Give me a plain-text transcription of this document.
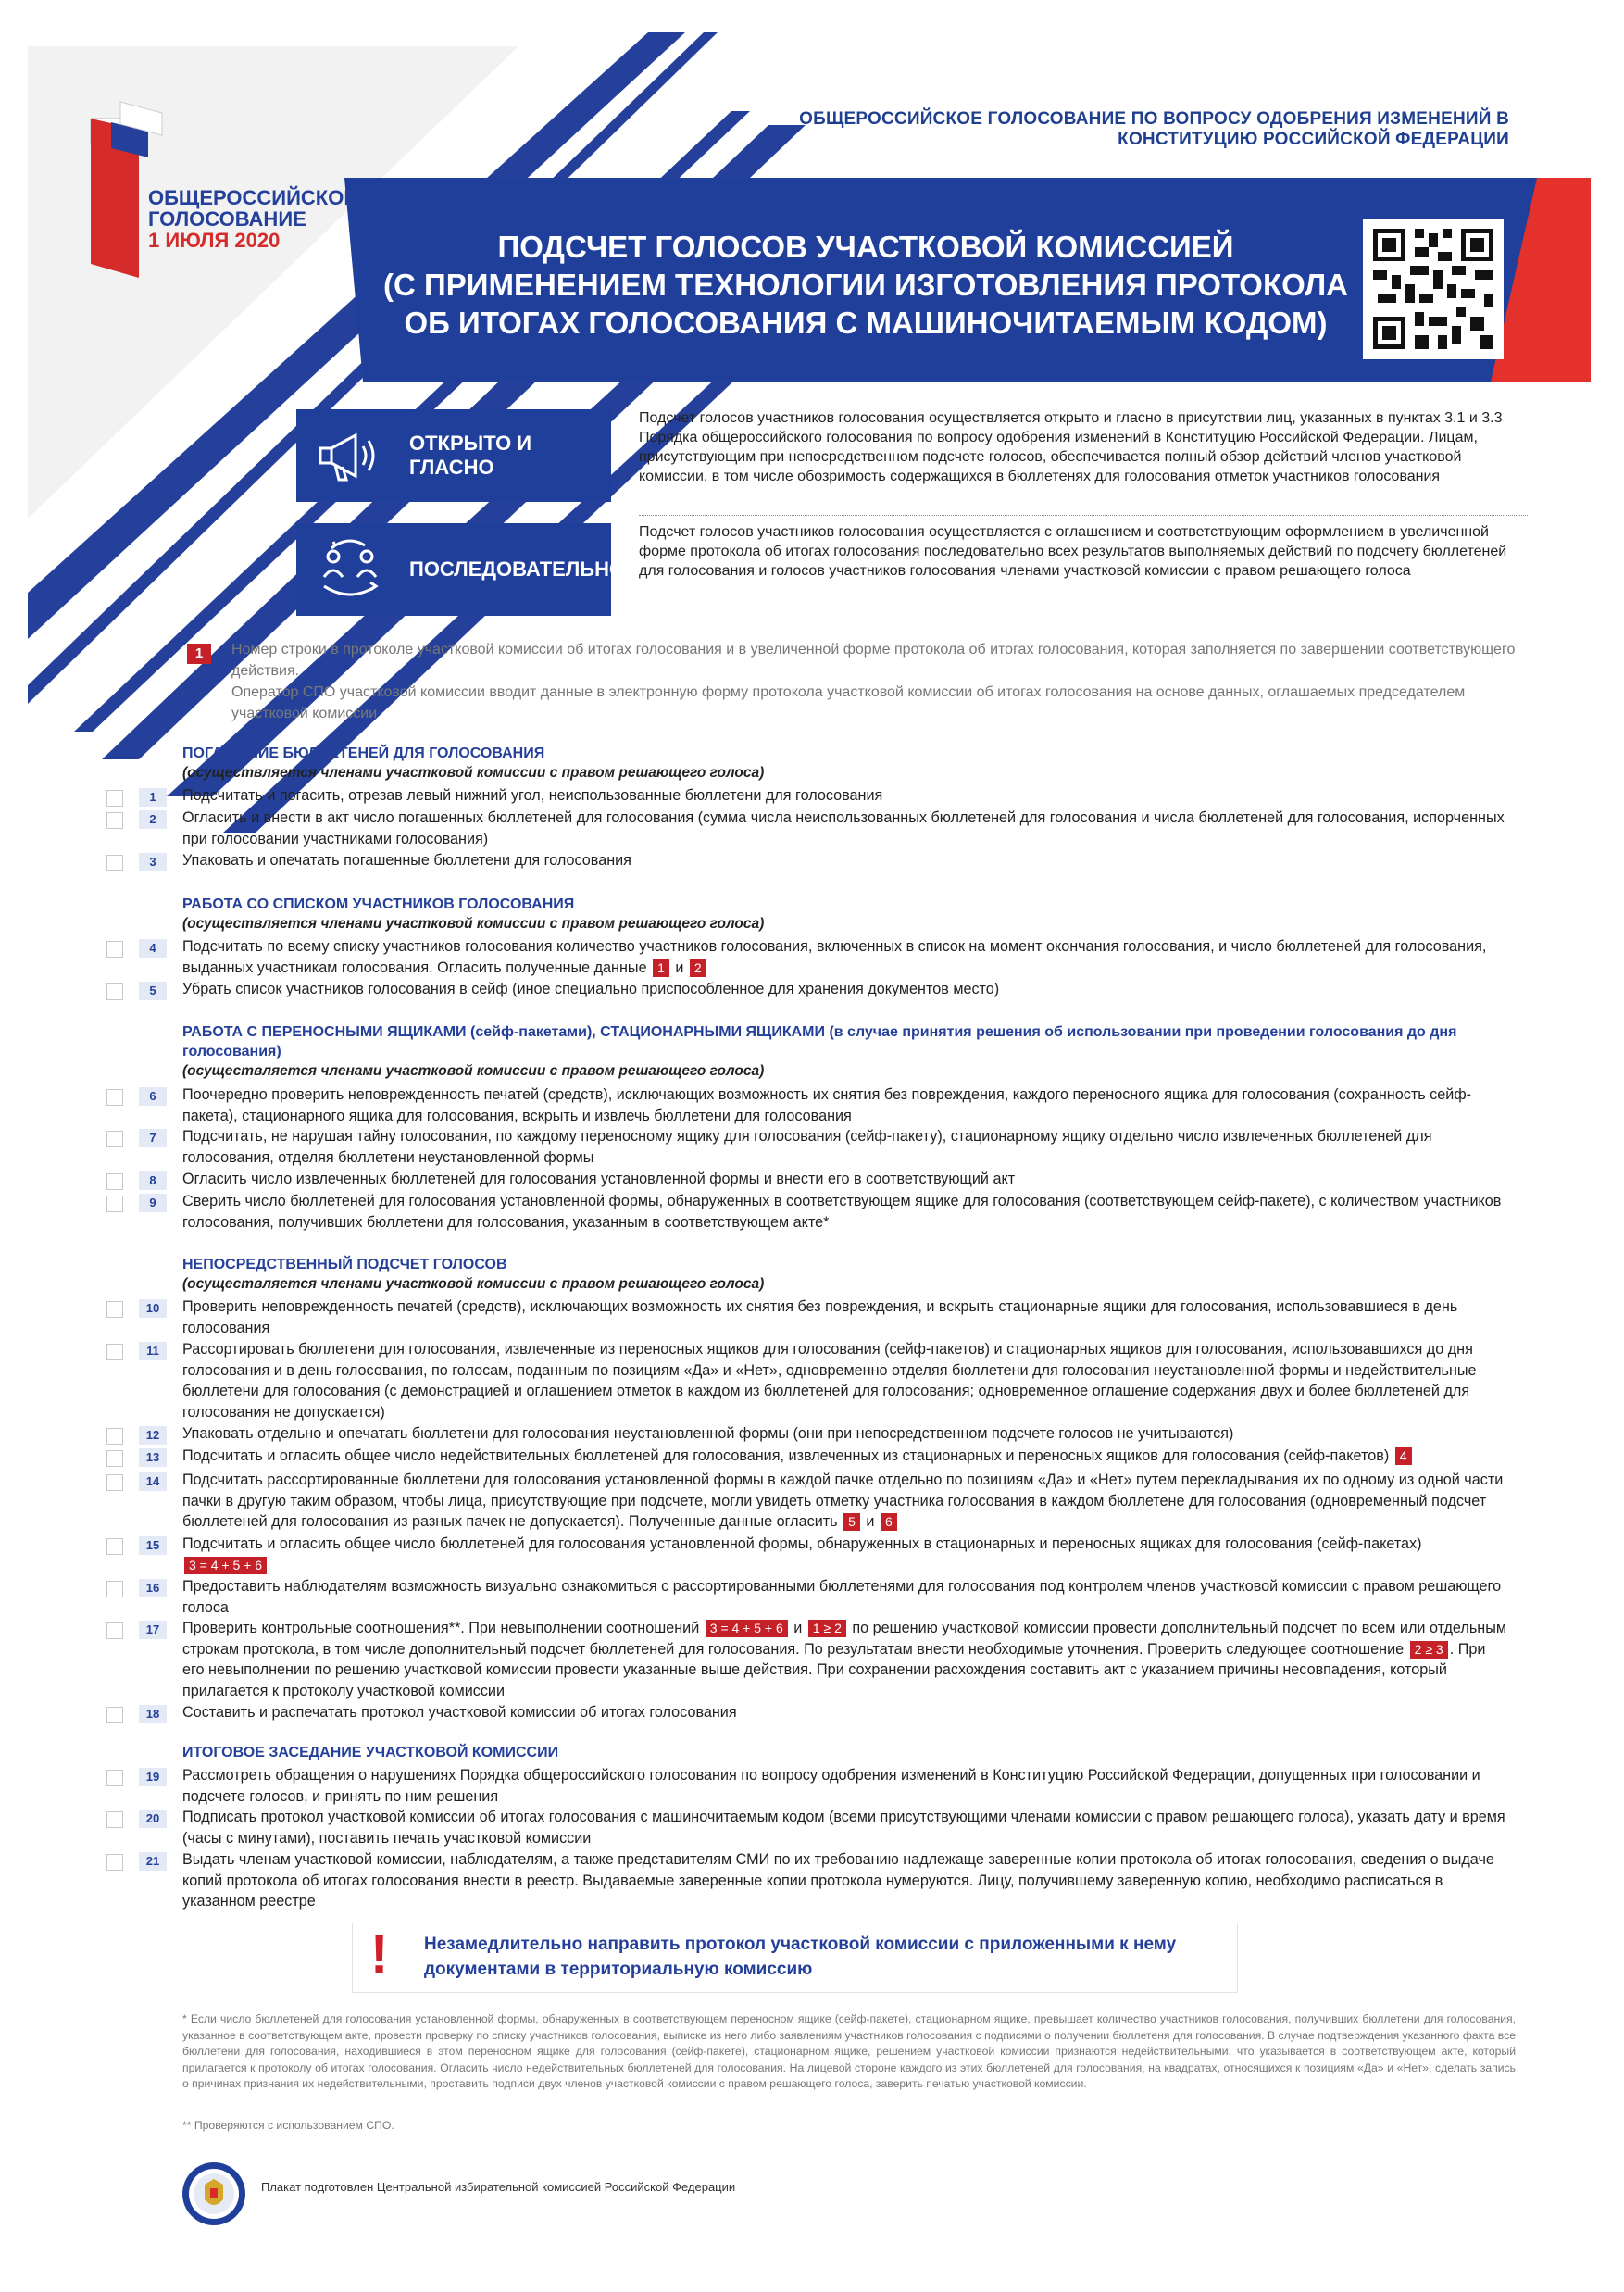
ОБЩЕРОССИЙСКОЕ ГОЛОСОВАНИЕ ПО ВОПРОСУ ОДОБРЕНИЯ ИЗМЕНЕНИЙ В КОНСТИТУЦИЮ РОССИЙСКОЙ ФЕДЕРАЦИИ
ОБЩЕРОССИЙСКОЕ
ГОЛОСОВАНИЕ
1 ИЮЛЯ 2020	ПОДСЧЕТ ГОЛОСОВ УЧАСТКОВОЙ КОМИССИЕЙ
(С ПРИМЕНЕНИЕМ ТЕХНОЛОГИИ ИЗГОТОВЛЕНИЯ ПРОТОКОЛА
ОБ ИТОГАХ ГОЛОСОВАНИЯ С МАШИНОЧИТАЕМЫМ КОДОМ)
ОТКРЫТО И ГЛАСНО
Подсчет голосов участников голосования осуществляется открыто и гласно в присутствии лиц, указанных в пунктах 3.1 и 3.3 Порядка общероссийского голосования по вопросу одобрения изменений в Конституцию Российской Федерации. Лицам, присутствующим при непосредственном подсчете голосов, обеспечивается полный обзор действий членов участковой комиссии, в том числе обозримость содержащихся в бюллетенях для голосования отметок участников голосования
ПОСЛЕДОВАТЕЛЬНО
Подсчет голосов участников голосования осуществляется с оглашением и соответствующим оформлением в увеличенной форме протокола об итогах голосования последовательно всех результатов выполняемых действий по подсчету бюллетеней для голосования и голосов участников голосования членами участковой комиссии с правом решающего голоса
1	Номер строки в протоколе участковой комиссии об итогах голосования и в увеличенной форме протокола об итогах голосования, которая заполняется по завершении соответствующего действия.
Оператор СПО участковой комиссии вводит данные в электронную форму протокола участковой комиссии об итогах голосования на основе данных, оглашаемых председателем участковой комиссии
ПОГАШЕНИЕ БЮЛЛЕТЕНЕЙ ДЛЯ ГОЛОСОВАНИЯ
(осуществляется членами участковой комиссии с правом решающего голоса)
1	Подсчитать и погасить, отрезав левый нижний угол, неиспользованные бюллетени для голосования
2	Огласить и внести в акт число погашенных бюллетеней для голосования (сумма числа неиспользованных бюллетеней для голосования и числа бюллетеней для голосования, испорченных при голосовании участниками голосования)
3	Упаковать и опечатать погашенные бюллетени для голосования
РАБОТА СО СПИСКОМ УЧАСТНИКОВ ГОЛОСОВАНИЯ
(осуществляется членами участковой комиссии с правом решающего голоса)
4	Подсчитать по всему списку участников голосования количество участников голосования, включенных в список на момент окончания голосования, и число бюллетеней для голосования, выданных участникам голосования. Огласить полученные данные 1 и 2
5	Убрать список участников голосования в сейф (иное специально приспособленное для хранения документов место)
РАБОТА С ПЕРЕНОСНЫМИ ЯЩИКАМИ (сейф-пакетами), СТАЦИОНАРНЫМИ ЯЩИКАМИ (в случае принятия решения об использовании при проведении голосования до дня голосования)
(осуществляется членами участковой комиссии с правом решающего голоса)
6	Поочередно проверить неповрежденность печатей (средств), исключающих возможность их снятия без повреждения, каждого переносного ящика для голосования (сохранность сейф-пакета), стационарного ящика для голосования, вскрыть и извлечь бюллетени для голосования
7	Подсчитать, не нарушая тайну голосования, по каждому переносному ящику для голосования (сейф-пакету), стационарному ящику отдельно число извлеченных бюллетеней для голосования, отделяя бюллетени неустановленной формы
8	Огласить число извлеченных бюллетеней для голосования установленной формы и внести его в соответствующий акт
9	Сверить число бюллетеней для голосования установленной формы, обнаруженных в соответствующем ящике для голосования (соответствующем сейф-пакете), с количеством участников голосования, получивших бюллетени для голосования, указанным в соответствующем акте*
НЕПОСРЕДСТВЕННЫЙ ПОДСЧЕТ ГОЛОСОВ
(осуществляется членами участковой комиссии с правом решающего голоса)
10	Проверить неповрежденность печатей (средств), исключающих возможность их снятия без повреждения, и вскрыть стационарные ящики для голосования, использовавшиеся в день голосования
11	Рассортировать бюллетени для голосования, извлеченные из переносных ящиков для голосования (сейф-пакетов) и стационарных ящиков для голосования, использовавшихся до дня голосования и в день голосования, по голосам, поданным по позициям «Да» и «Нет», одновременно отделяя бюллетени для голосования неустановленной формы и недействительные бюллетени для голосования (с демонстрацией и оглашением отметок в каждом из бюллетеней для голосования; одновременное оглашение содержания двух и более бюллетеней для голосования не допускается)
12	Упаковать отдельно и опечатать бюллетени для голосования неустановленной формы (они при непосредственном подсчете голосов не учитываются)
13	Подсчитать и огласить общее число недействительных бюллетеней для голосования, извлеченных из стационарных и переносных ящиков для голосования (сейф-пакетов) 4
14	Подсчитать рассортированные бюллетени для голосования установленной формы в каждой пачке отдельно по позициям «Да» и «Нет» путем перекладывания их по одному из одной части пачки в другую таким образом, чтобы лица, присутствующие при подсчете, могли увидеть отметку участника голосования в каждом бюллетене для голосования (одновременный подсчет бюллетеней для голосования из разных пачек не допускается). Полученные данные огласить 5 и 6
15	Подсчитать и огласить общее число бюллетеней для голосования установленной формы, обнаруженных в стационарных и переносных ящиках для голосования (сейф-пакетах) 3 = 4 + 5 + 6
16	Предоставить наблюдателям возможность визуально ознакомиться с рассортированными бюллетенями для голосования под контролем членов участковой комиссии с правом решающего голоса
17	Проверить контрольные соотношения**. При невыполнении соотношений 3 = 4 + 5 + 6 и 1 ≥ 2 по решению участковой комиссии провести дополнительный подсчет по всем или отдельным строкам протокола, в том числе дополнительный подсчет бюллетеней для голосования. По результатам внести необходимые уточнения. Проверить следующее соотношение 2 ≥ 3 . При его невыполнении по решению участковой комиссии провести указанные выше действия. При сохранении расхождения составить акт с указанием причины несовпадения, который прилагается к протоколу участковой комиссии
18	Составить и распечатать протокол участковой комиссии об итогах голосования
ИТОГОВОЕ ЗАСЕДАНИЕ УЧАСТКОВОЙ КОМИССИИ
19	Рассмотреть обращения о нарушениях Порядка общероссийского голосования по вопросу одобрения изменений в Конституцию Российской Федерации, допущенных при голосовании и подсчете голосов, и принять по ним решения
20	Подписать протокол участковой комиссии об итогах голосования с машиночитаемым кодом (всеми присутствующими членами комиссии с правом решающего голоса), указать дату и время (часы с минутами), поставить печать участковой комиссии
21	Выдать членам участковой комиссии, наблюдателям, а также представителям СМИ по их требованию надлежаще заверенные копии протокола об итогах голосования, сведения о выдаче копий протокола об итогах голосования внести в реестр. Выдаваемые заверенные копии протокола нумеруются. Лицу, получившему заверенную копию, необходимо расписаться в указанном реестре
! Незамедлительно направить протокол участковой комиссии с приложенными к нему
документами в территориальную комиссию
* Если число бюллетеней для голосования установленной формы, обнаруженных в соответствующем переносном ящике (сейф-пакете), стационарном ящике, превышает количество участников голосования, получивших бюллетени для голосования, указанное в соответствующем акте, провести проверку по списку участников голосования, выписке из него либо заявлениям участников голосования с подписями о получении бюллетеня для голосования. В случае подтверждения указанного факта все бюллетени для голосования, находившиеся в этом переносном ящике для голосования (сейф-пакете), стационарном ящике, решением участковой комиссии признаются недействительными, что указывается в соответствующем акте, который прилагается к протоколу об итогах голосования. Огласить число недействительных бюллетеней для голосования. На лицевой стороне каждого из этих бюллетеней для голосования, на квадратах, относящихся к позициям «Да» и «Нет», сделать запись о причинах признания их недействительными, проставить подписи двух членов участковой комиссии с правом решающего голоса, заверить печатью участковой комиссии.
** Проверяются с использованием СПО.
Плакат подготовлен Центральной избирательной комиссией Российской Федерации
